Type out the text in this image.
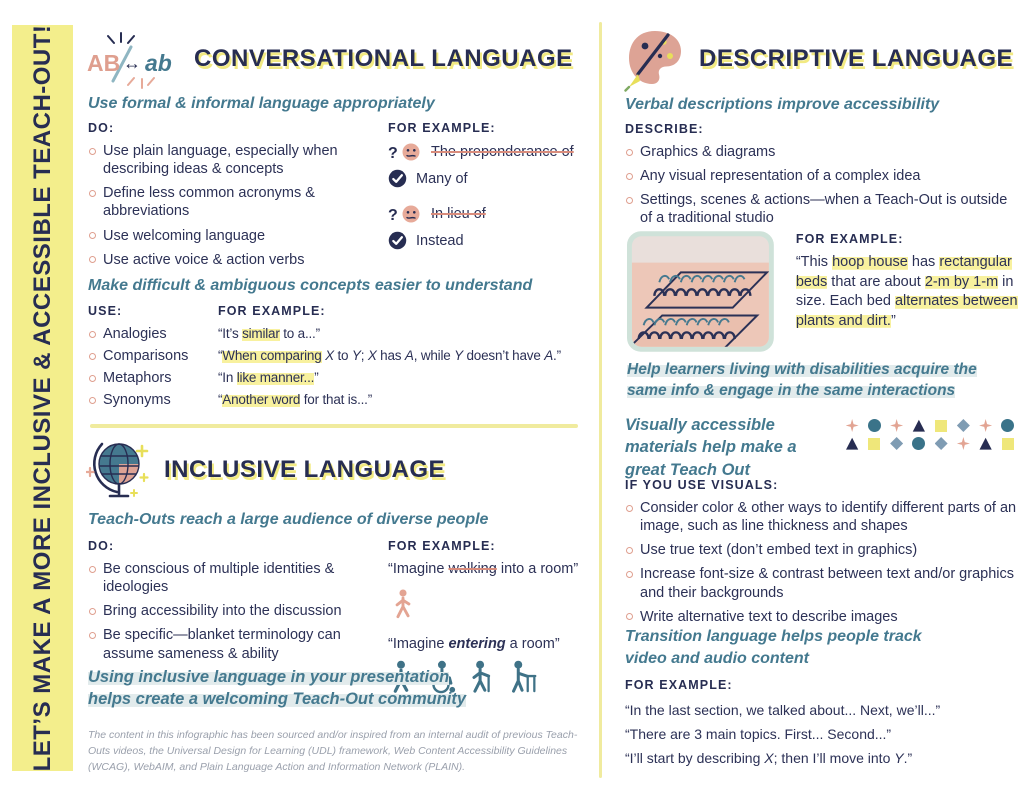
LET’S MAKE A MORE INCLUSIVE & ACCESSIBLE TEACH-OUT! AB ↔ ab CONVERSATIONAL LANGUAGE
Use formal & informal language appropriately
DO:
Use plain language, especially when describing ideas & concepts
Define less common acronyms & abbreviations
Use welcoming language
Use active voice & action verbs
FOR EXAMPLE:
? The preponderance of
Many of
? In lieu of
Instead
Make difficult & ambiguous concepts easier to understand
USE:	FOR EXAMPLE:
Analogies	“It’s similar to a...”
Comparisons	“When comparing X to Y; X has A, while Y doesn’t have A.”
Metaphors	“In like manner...”
Synonyms	“Another word for that is...”
INCLUSIVE LANGUAGE
Teach-Outs reach a large audience of diverse people
DO:
Be conscious of multiple identities & ideologies
Bring accessibility into the discussion
Be specific—blanket terminology can assume sameness & ability
FOR EXAMPLE:
“Imagine walking into a room”
“Imagine entering a room”
Using inclusive language in your presentation helps create a welcoming Teach-Out community
The content in this infographic has been sourced and/or inspired from an internal audit of previous Teach-Outs videos, the Universal Design for Learning (UDL) framework, Web Content Accessibility Guidelines (WCAG), WebAIM, and Plain Language Action and Information Network (PLAIN).
DESCRIPTIVE LANGUAGE
Verbal descriptions improve accessibility
DESCRIBE:
Graphics & diagrams
Any visual representation of a complex idea
Settings, scenes & actions—when a Teach-Out is outside of a traditional studio
FOR EXAMPLE:
“This hoop house has rectangular beds that are about 2-m by 1-m in size. Each bed alternates between plants and dirt.”
Help learners living with disabilities acquire the same info & engage in the same interactions
Visually accessible materials help make a great Teach Out
IF YOU USE VISUALS:
Consider color & other ways to identify different parts of an image, such as line thickness and shapes
Use true text (don’t embed text in graphics)
Increase font-size & contrast between text and/or graphics and their backgrounds
Write alternative text to describe images
Transition language helps people track video and audio content
FOR EXAMPLE:
“In the last section, we talked about... Next, we’ll...”
“There are 3 main topics. First... Second...”
“I’ll start by describing X; then I’ll move into Y.”
